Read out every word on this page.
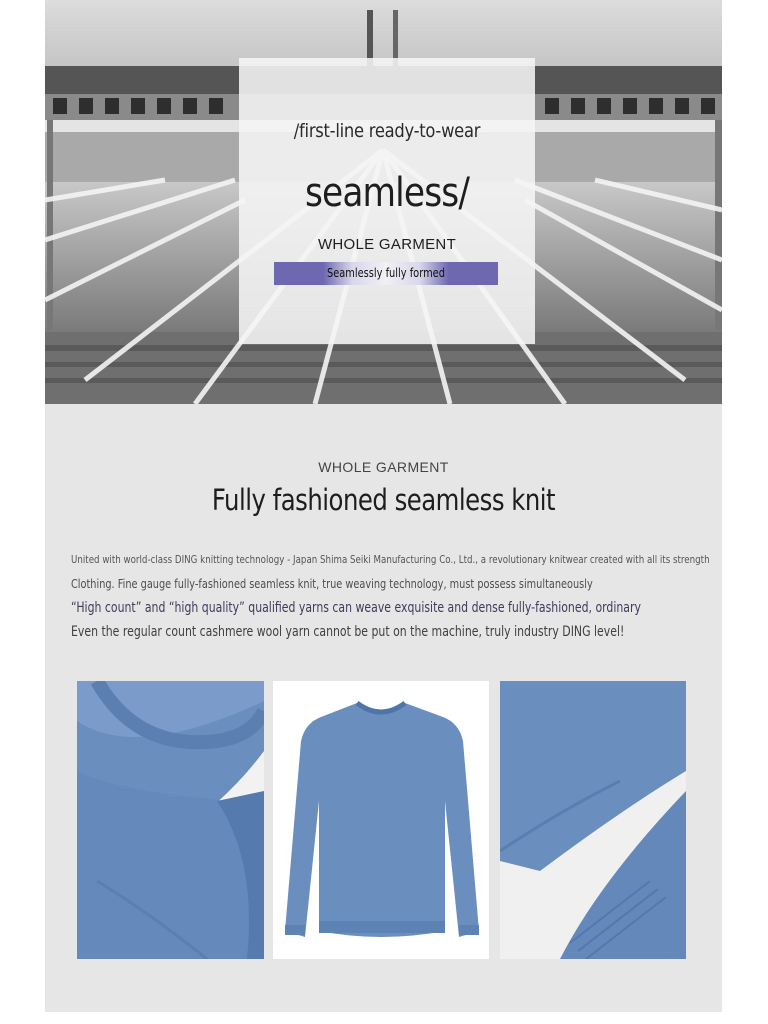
/first-line ready-to-wear
seamless/
WHOLE GARMENT
Seamlessly fully formed
WHOLE GARMENT
Fully fashioned seamless knit
United with world-class DING knitting technology - Japan Shima Seiki Manufacturing Co., Ltd., a revolutionary knitwear created with all its strength
Clothing. Fine gauge fully-fashioned seamless knit, true weaving technology, must possess simultaneously
“High count” and “high quality” qualified yarns can weave exquisite and dense fully-fashioned, ordinary
Even the regular count cashmere wool yarn cannot be put on the machine, truly industry DING level!
